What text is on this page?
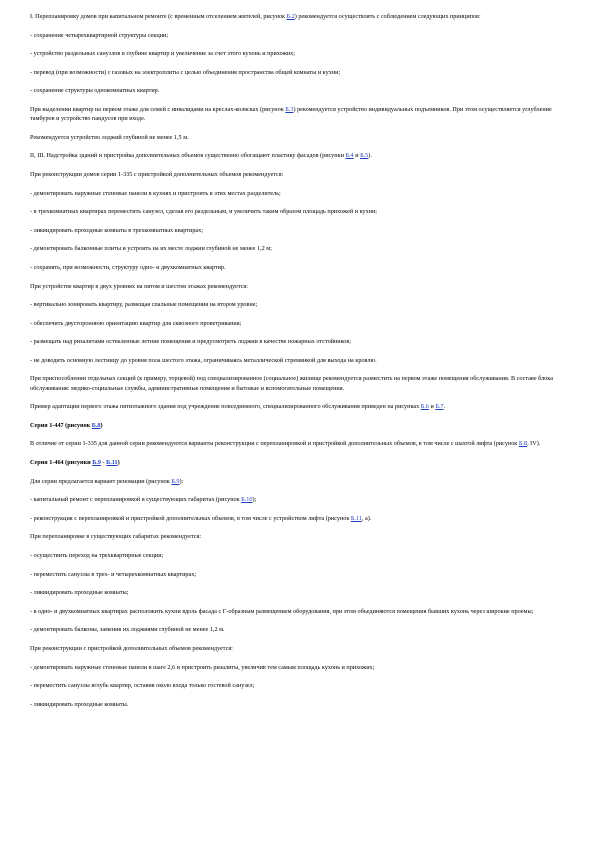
I. Перепланировку домов при капитальном ремонте (с временным отселением жителей, рисунок Б.2) рекомендуется осуществлять с соблюдением следующих принципов:

- сохранение четырехквартирной структуры секции;

- устройство раздельных санузлов в глубине квартир и увеличение за счет этого кухонь и прихожих;

- перевод (при возможности) с газовых на электроплиты с целью объединения пространства общей комнаты и кухни;

- сохранение структуры однокомнатных квартир.

При выделении квартир на первом этаже для семей с инвалидами на креслах-колясках (рисунок Б.3) рекомендуется устройство индивидуальных подъемников. При этом осуществляется углубление тамбуров и устройство пандусов при входе.

Рекомендуется устройство лоджий глубиной не менее 1,5 м.

II, III. Надстройка зданий и пристройка дополнительных объемов существенно обогащают пластику фасадов (рисунки Б.4 и Б.5).

При реконструкции домов серии 1-335 с пристройкой дополнительных объемов рекомендуется:

- демонтировать наружные стеновые панели в кухнях и пристроить в этих местах разделитель;

- в трехкомнатных квартирах переместить санузел, сделав его раздельным, и увеличить таким образом площадь прихожей и кухни;

- ликвидировать проходные комнаты в трехкомнатных квартирах;

- демонтировать балконные плиты и устроить на их месте лоджии глубиной не менее 1,2 м;

- сохранять, при возможности, структуру одно- и двухкомнатных квартир.

При устройстве квартир в двух уровнях на пятом и шестом этажах рекомендуется:

- вертикально зонировать квартиру, размещая спальные помещения на втором уровне;

- обеспечить двустороннюю ориентацию квартир для сквозного проветривания;

- размещать над ризалитами остекленные летние помещения и предусмотреть лоджии в качестве пожарных отстойников;

- не доводить основную лестницу до уровня пола шестого этажа, ограничиваясь металлической стремянкой для выхода на кровлю.

При приспособлении отдельных секций (к примеру, торцевой) под специализированное (социальное) жилище рекомендуется разместить на первом этаже помещения обслуживания. В составе блока обслуживания: медико-социальные службы, административные помещения и бытовые и вспомогательные помещения.

Пример адаптации первого этажа пятиэтажного здания под учреждение повседневного, специализированного обслуживания приведен на рисунках Б.6 и Б.7.

Серия 1-447 (рисунок Б.8)

В отличие от серии 1-335 для данной серии рекомендуются варианты реконструкции с перепланировкой и пристройкой дополнительных объемов, в том числе с шахтой лифта (рисунок Б.8, IV).

Серия 1-464 (рисунки Б.9 - Б.11)

Для серии предлагается вариант реновации (рисунок Б.9):

- капитальный ремонт с перепланировкой в существующих габаритах (рисунок Б.10);

- реконструкция с перепланировкой и пристройкой дополнительных объемов, в том числе с устройством лифта (рисунок Б.11, а).

При перепланировке в существующих габаритах рекомендуется:

- осуществить переход на трехквартирные секции;

- переместить санузлы в трех- и четырехкомнатных квартирах;

- ликвидировать проходные комнаты;

- в одно- и двухкомнатных квартирах расположить кухни вдоль фасада с Г-образным размещением оборудования, при этом объединяются помещения бывших кухонь через широкие проемы;

- демонтировать балконы, заменив их лоджиями глубиной не менее 1,2 м.

При реконструкции с пристройкой дополнительных объемов рекомендуется:

- демонтировать наружные стеновые панели в шаге 2,6 и пристроить ризалиты, увеличив тем самым площадь кухонь и прихожих;

- переместить санузлы вглубь квартир, оставив около входа только гостевой санузел;

- ликвидировать проходные комнаты.
